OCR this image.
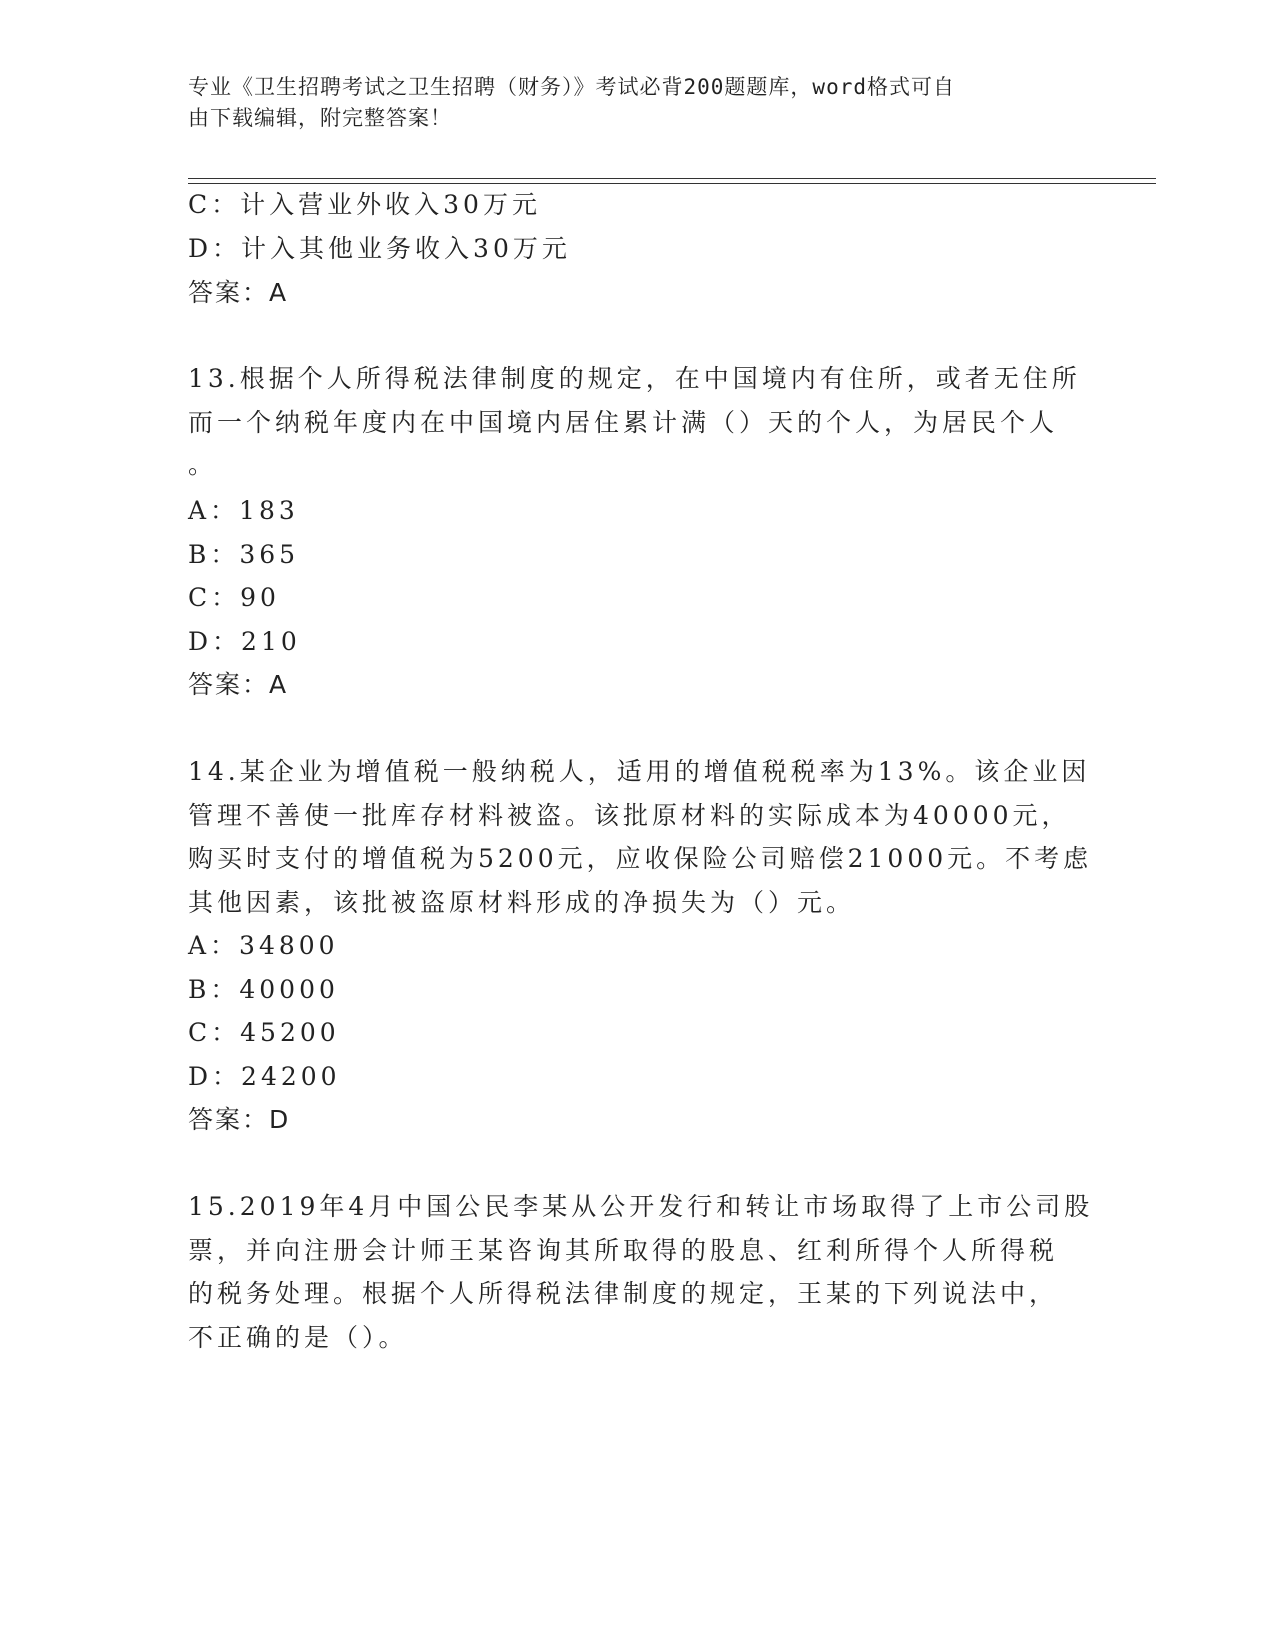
专业《卫生招聘考试之卫生招聘（财务）》考试必背200题题库，word格式可自
由下载编辑，附完整答案！
C：计入营业外收入30万元
D：计入其他业务收入30万元
答案：A
13.根据个人所得税法律制度的规定，在中国境内有住所，或者无住所
而一个纳税年度内在中国境内居住累计满（）天的个人，为居民个人
。
A：183
B：365
C：90
D：210
答案：A
14.某企业为增值税一般纳税人，适用的增值税税率为13%。该企业因
管理不善使一批库存材料被盗。该批原材料的实际成本为40000元，
购买时支付的增值税为5200元，应收保险公司赔偿21000元。不考虑
其他因素，该批被盗原材料形成的净损失为（）元。
A：34800
B：40000
C：45200
D：24200
答案：D
15.2019年4月中国公民李某从公开发行和转让市场取得了上市公司股
票，并向注册会计师王某咨询其所取得的股息、红利所得个人所得税
的税务处理。根据个人所得税法律制度的规定，王某的下列说法中，
不正确的是（）。
